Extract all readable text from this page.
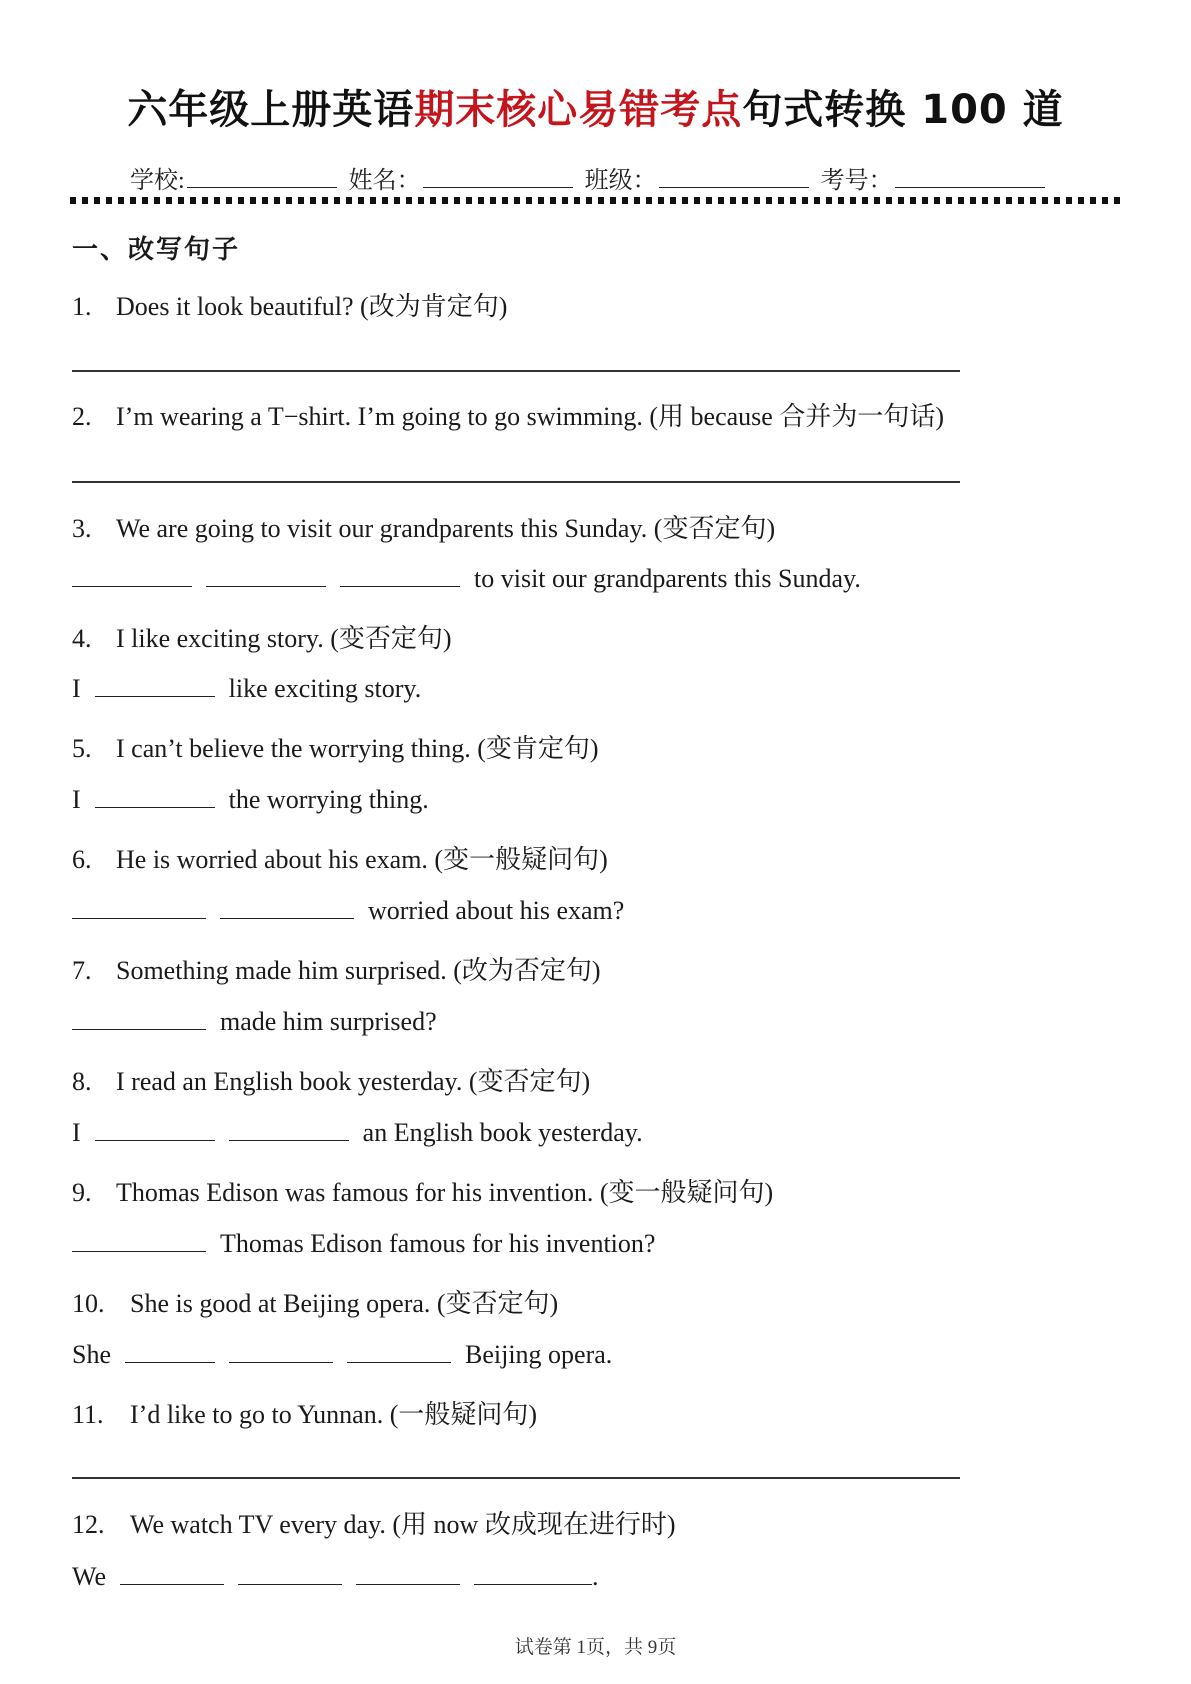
六年级上册英语期末核心易错考点句式转换 100 道
学校:	姓名：	班级：	考号：
一、改写句子
1. Does it look beautiful? (改为肯定句)
2. I’m wearing a T−shirt. I’m going to go swimming. (用 because 合并为一句话)
3. We are going to visit our grandparents this Sunday. (变否定句)
to visit our grandparents this Sunday.
4. I like exciting story. (变否定句)
I	like exciting story.
5. I can’t believe the worrying thing. (变肯定句)
I	the worrying thing.
6. He is worried about his exam. (变一般疑问句)
worried about his exam?
7. Something made him surprised. (改为否定句)
made him surprised?
8. I read an English book yesterday. (变否定句)
I	an English book yesterday.
9. Thomas Edison was famous for his invention. (变一般疑问句)
Thomas Edison famous for his invention?
10. She is good at Beijing opera. (变否定句)
She	Beijing opera.
11. I’d like to go to Yunnan. (一般疑问句)
12. We watch TV every day. (用 now 改成现在进行时)
We	.
试卷第 1页，共 9页
